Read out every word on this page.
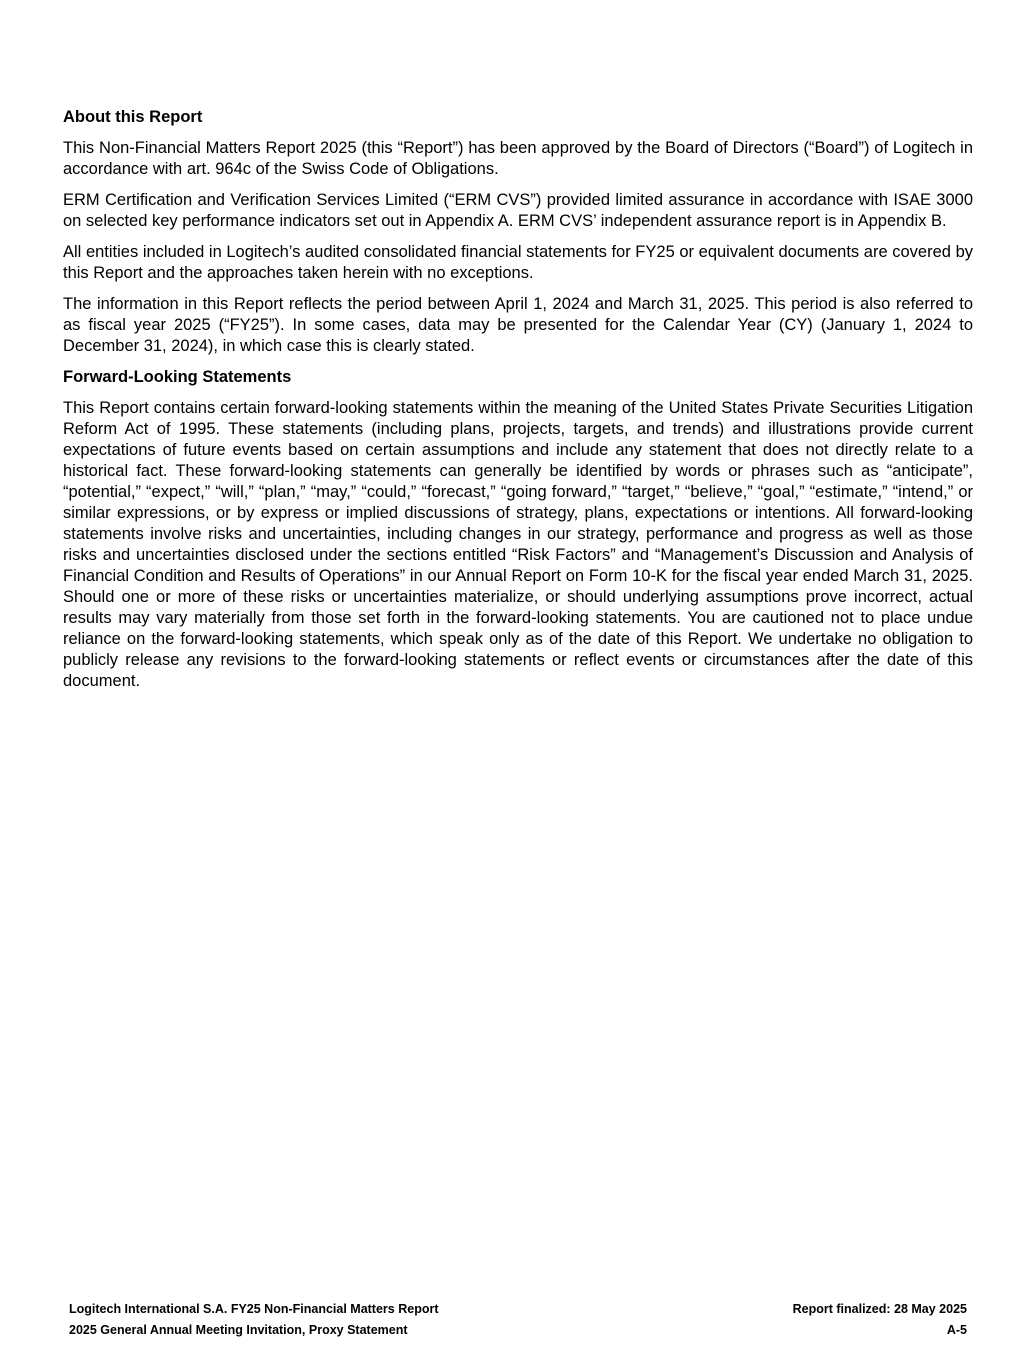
About this Report

This Non-Financial Matters Report 2025 (this “Report”) has been approved by the Board of Directors (“Board”) of Logitech in accordance with art. 964c of the Swiss Code of Obligations.

ERM Certification and Verification Services Limited (“ERM CVS”) provided limited assurance in accordance with ISAE 3000 on selected key performance indicators set out in Appendix A. ERM CVS’ independent assurance report is in Appendix B.

All entities included in Logitech’s audited consolidated financial statements for FY25 or equivalent documents are covered by this Report and the approaches taken herein with no exceptions.

The information in this Report reflects the period between April 1, 2024 and March 31, 2025. This period is also referred to as fiscal year 2025 (“FY25”). In some cases, data may be presented for the Calendar Year (CY) (January 1, 2024 to December 31, 2024), in which case this is clearly stated.

Forward-Looking Statements

This Report contains certain forward-looking statements within the meaning of the United States Private Securities Litigation Reform Act of 1995. These statements (including plans, projects, targets, and trends) and illustrations provide current expectations of future events based on certain assumptions and include any statement that does not directly relate to a historical fact. These forward-looking statements can generally be identified by words or phrases such as “anticipate”, “potential,” “expect,” “will,” “plan,” “may,” “could,” “forecast,” “going forward,” “target,” “believe,” “goal,” “estimate,” “intend,” or similar expressions, or by express or implied discussions of strategy, plans, expectations or intentions. All forward-looking statements involve risks and uncertainties, including changes in our strategy, performance and progress as well as those risks and uncertainties disclosed under the sections entitled “Risk Factors” and “Management’s Discussion and Analysis of Financial Condition and Results of Operations” in our Annual Report on Form 10-K for the fiscal year ended March 31, 2025. Should one or more of these risks or uncertainties materialize, or should underlying assumptions prove incorrect, actual results may vary materially from those set forth in the forward-looking statements. You are cautioned not to place undue reliance on the forward-looking statements, which speak only as of the date of this Report. We undertake no obligation to publicly release any revisions to the forward-looking statements or reflect events or circumstances after the date of this document.

Logitech International S.A. FY25 Non-Financial Matters Report	Report finalized: 28 May 2025
2025 General Annual Meeting Invitation, Proxy Statement	A-5
